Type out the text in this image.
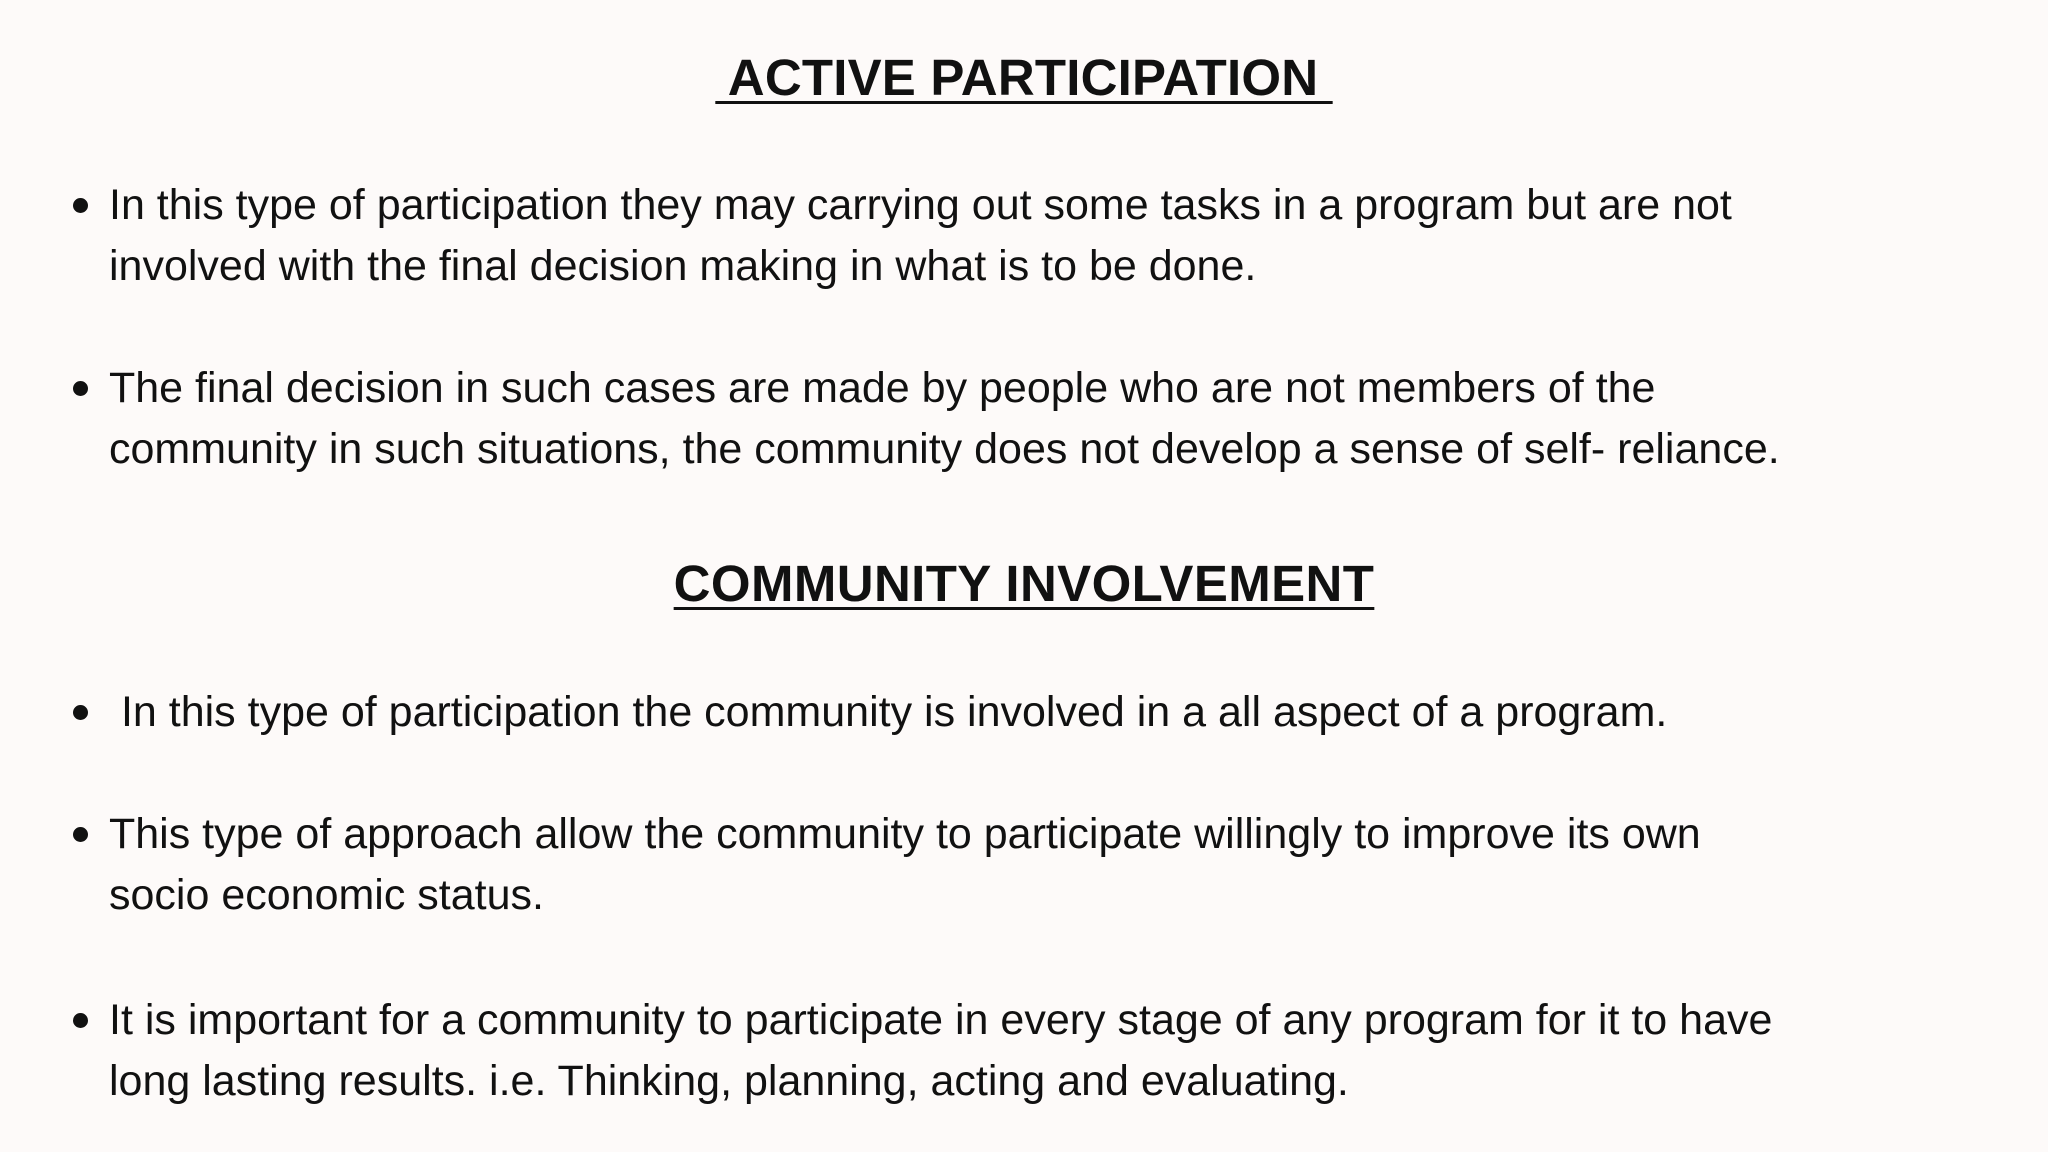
ACTIVE PARTICIPATION
In this type of participation they may carrying out some tasks in a program but are not
involved with the final decision making in what is to be done.
The final decision in such cases are made by people who are not members of the
community in such situations, the community does not develop a sense of self- reliance.
COMMUNITY INVOLVEMENT
In this type of participation the community is involved in a all aspect of a program.
This type of approach allow the community to participate willingly to improve its own
socio economic status.
It is important for a community to participate in every stage of any program for it to have
long lasting results. i.e. Thinking, planning, acting and evaluating.
